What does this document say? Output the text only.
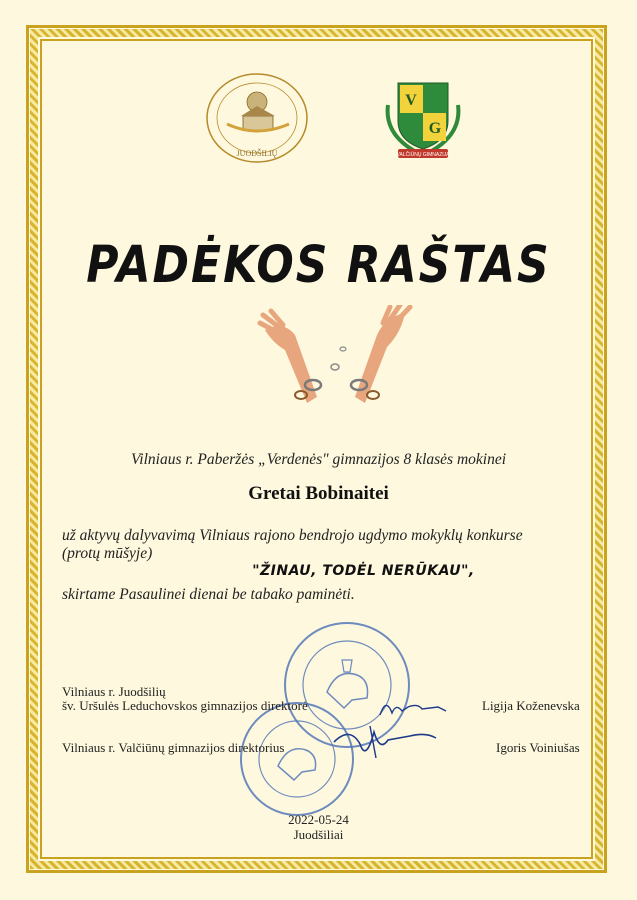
JUODŠILIŲ
V
G
VALČIŪNŲ GIMNAZIJA
PADĖKOS RAŠTAS
Vilniaus r. Paberžės „Verdenės" gimnazijos 8 klasės mokinei
Gretai Bobinaitei
už aktyvų dalyvavimą Vilniaus rajono bendrojo ugdymo mokyklų konkurse
(protų mūšyje)
"ŽINAU, TODĖL NERŪKAU",
skirtame Pasaulinei dienai be tabako paminėti.
Vilniaus r. Juodšilių
šv. Uršulės Leduchovskos gimnazijos direktorė	Ligija Koženevska
Vilniaus r. Valčiūnų gimnazijos direktorius	Igoris Voiniušas
2022-05-24
Juodšiliai
